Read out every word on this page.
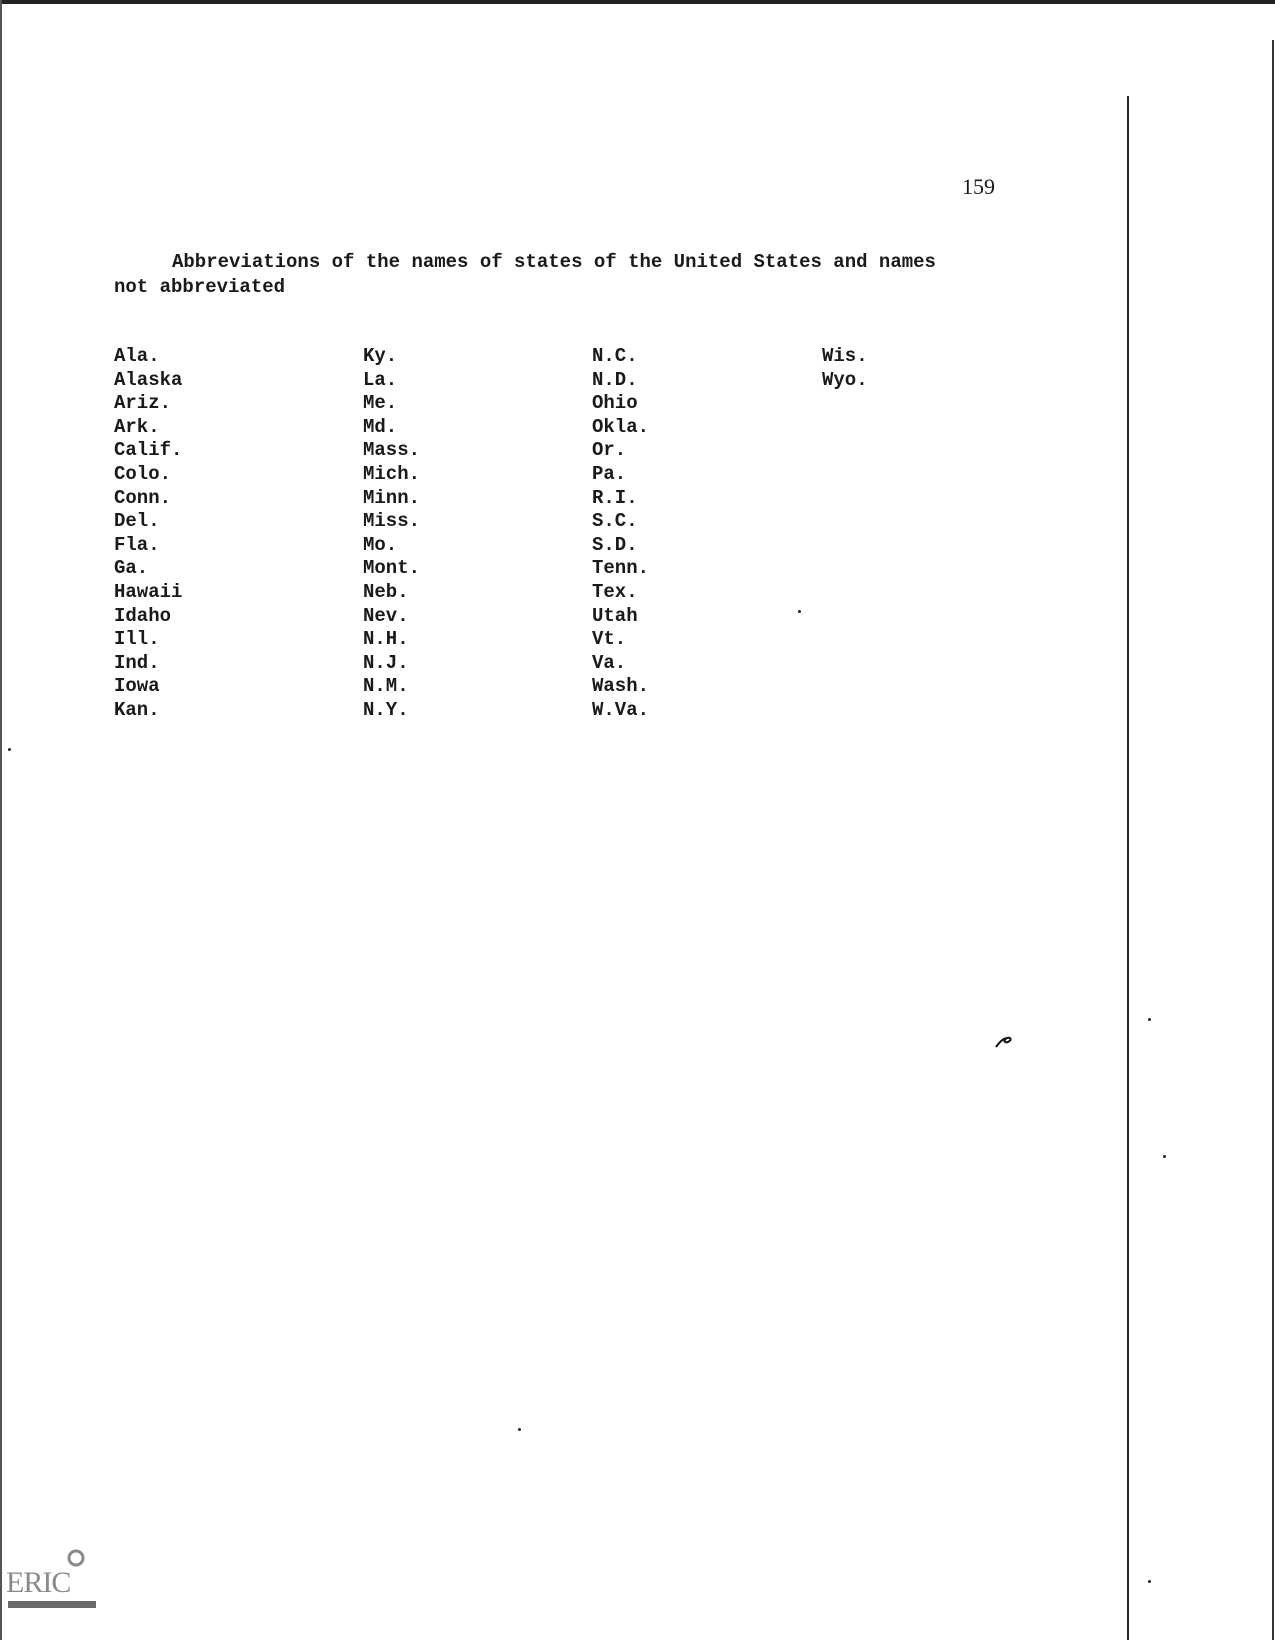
159
Abbreviations of the names of states of the United States and names
not abbreviated
Ala.
Alaska
Ariz.
Ark.
Calif.
Colo.
Conn.
Del.
Fla.
Ga.
Hawaii
Idaho
Ill.
Ind.
Iowa
Kan.
Ky.
La.
Me.
Md.
Mass.
Mich.
Minn.
Miss.
Mo.
Mont.
Neb.
Nev.
N.H.
N.J.
N.M.
N.Y.
N.C.
N.D.
Ohio
Okla.
Or.
Pa.
R.I.
S.C.
S.D.
Tenn.
Tex.
Utah
Vt.
Va.
Wash.
W.Va.
Wis.
Wyo.
ERIC
